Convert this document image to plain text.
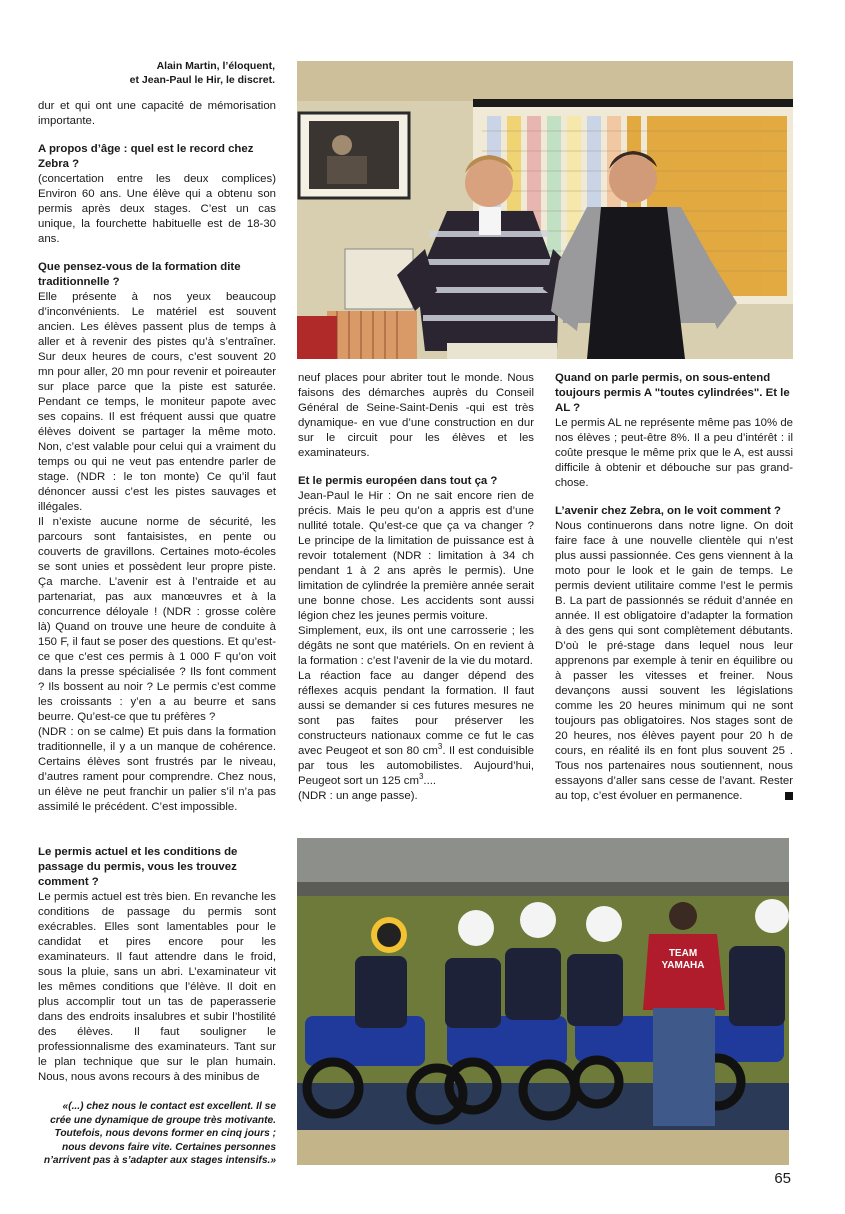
Alain Martin, l’éloquent,
et Jean-Paul le Hir, le discret.

dur et qui ont une capacité de mémorisation importante.

A propos d’âge : quel est le record chez Zebra ?

(concertation entre les deux complices) Environ 60 ans. Une élève qui a obtenu son permis après deux stages. C’est un cas unique, la fourchette habituelle est de 18-30 ans.

Que pensez-vous de la formation dite traditionnelle ?

Elle présente à nos yeux beaucoup d’inconvénients. Le matériel est souvent ancien. Les élèves passent plus de temps à aller et à revenir des pistes qu’à s’entraîner. Sur deux heures de cours, c’est souvent 20 mn pour aller, 20 mn pour revenir et poireauter sur place parce que la piste est saturée. Pendant ce temps, le moniteur papote avec ses copains. Il est fréquent aussi que quatre élèves doivent se partager la même moto. Non, c’est valable pour celui qui a vraiment du temps ou qui ne veut pas entendre parler de stage. (NDR : le ton monte) Ce qu’il faut dénoncer aussi c’est les pistes sauvages et illégales.

Il n’existe aucune norme de sécurité, les parcours sont fantaisistes, en pente ou couverts de gravillons. Certaines moto-écoles se sont unies et possèdent leur propre piste. Ça marche. L’avenir est à l’entraide et au partenariat, pas aux manœuvres et à la concurrence déloyale ! (NDR : grosse colère là) Quand on trouve une heure de conduite à 150 F, il faut se poser des questions. Et qu’est-ce que c’est ces permis à 1 000 F qu’on voit dans la presse spécialisée ? Ils font comment ? Ils bossent au noir ? Le permis c’est comme les croissants : y’en a au beurre et sans beurre. Qu’est-ce que tu préfères ?

(NDR : on se calme) Et puis dans la formation traditionnelle, il y a un manque de cohérence. Certains élèves sont frustrés par le niveau, d’autres rament pour comprendre. Chez nous, un élève ne peut franchir un palier s’il n’a pas assimilé le précédent. C’est impossible.

Le permis actuel et les conditions de passage du permis, vous les trouvez comment ?

Le permis actuel est très bien. En revanche les conditions de passage du permis sont exécrables. Elles sont lamentables pour le candidat et pires encore pour les examinateurs. Il faut attendre dans le froid, sous la pluie, sans un abri. L’examinateur vit les mêmes conditions que l’élève. Il doit en plus accomplir tout un tas de paperasserie dans des endroits insalubres et subir l’hostilité des élèves. Il faut souligner le professionnalisme des examinateurs. Tant sur le plan technique que sur le plan humain. Nous, nous avons recours à des minibus de

neuf places pour abriter tout le monde. Nous faisons des démarches auprès du Conseil Général de Seine-Saint-Denis -qui est très dynamique- en vue d’une construction en dur sur le circuit pour les élèves et les examinateurs.

Et le permis européen dans tout ça ?

Jean-Paul le Hir : On ne sait encore rien de précis. Mais le peu qu’on a appris est d’une nullité totale. Qu’est-ce que ça va changer ? Le principe de la limitation de puissance est à revoir totalement (NDR : limitation à 34 ch pendant 1 à 2 ans après le permis). Une limitation de cylindrée la première année serait une bonne chose. Les accidents sont aussi légion chez les jeunes permis voiture.

Simplement, eux, ils ont une carrosserie ; les dégâts ne sont que matériels. On en revient à la formation : c’est l’avenir de la vie du motard.

La réaction face au danger dépend des réflexes acquis pendant la formation. Il faut aussi se demander si ces futures mesures ne sont pas faites pour préserver les constructeurs nationaux comme ce fut le cas avec Peugeot et son 80 $cm^3$. Il est conduisible par tous les automobilistes. Aujourd’hui, Peugeot sort un 125 $cm^3$....

(NDR : un ange passe).

Quand on parle permis, on sous-entend toujours permis A "toutes cylindrées". Et le AL ?

Le permis AL ne représente même pas 10% de nos élèves ; peut-être 8%. Il a peu d’intérêt : il coûte presque le même prix que le A, est aussi difficile à obtenir et débouche sur pas grand-chose.

L’avenir chez Zebra, on le voit comment ?

Nous continuerons dans notre ligne. On doit faire face à une nouvelle clientèle qui n’est plus aussi passionnée. Ces gens viennent à la moto pour le look et le gain de temps. Le permis devient utilitaire comme l’est le permis B. La part de passionnés se réduit d’année en année. Il est obligatoire d’adapter la formation à des gens qui sont complètement débutants. D’où le pré-stage dans lequel nous leur apprenons par exemple à tenir en équilibre ou à passer les vitesses et freiner. Nous devançons aussi souvent les législations comme les 20 heures minimum qui ne sont toujours pas obligatoires. Nos stages sont de 20 heures, nos élèves payent pour 20 h de cours, en réalité ils en font plus souvent 25 . Tous nos partenaires nous soutiennent, nous essayons d’aller sans cesse de l’avant. Rester au top, c’est évoluer en permanence.

TEAM
YAMAHA
«(...) chez nous le contact est excellent. Il se crée une dynamique de groupe très motivante. Toutefois, nous devons former en cinq jours ; nous devons faire vite. Certaines personnes n’arrivent pas à s’adapter aux stages intensifs.»
65
